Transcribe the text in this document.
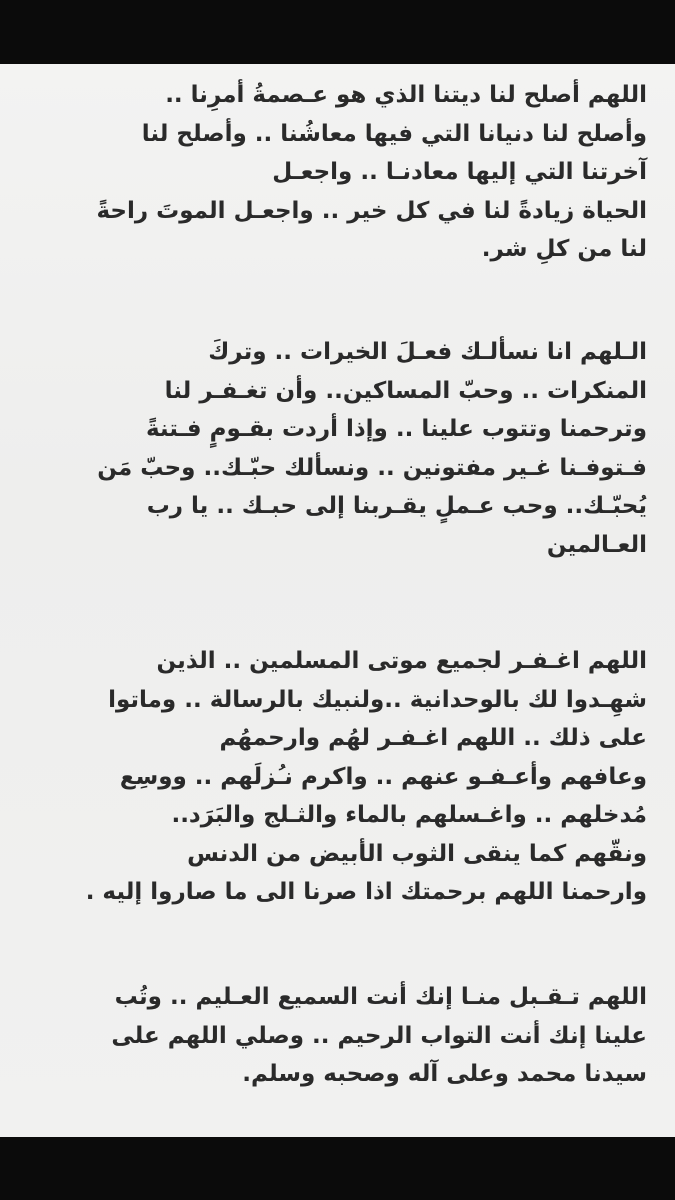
اللهم أصلح لنا ديتنا الذي هو عـصمةُ أمرِنا ..
وأصلح لنا دنيانا التي فيها معاشُنا .. وأصلح لنا
آخرتنا التي إليها معادنـا .. واجعـل
الحياة زيادةً لنا في كل خير .. واجعـل الموتَ راحةً
لنا من كلِ شر.
الـلهم انا نسألـك فعـلَ الخيرات .. وتركَ
المنكرات .. وحبّ المساكين.. وأن تغـفـر لنا
وترحمنا وتتوب علينا .. وإذا أردت بقـومٍ فـتنةً
فـتوفـنا غـير مفتونين .. ونسألك حبّـك.. وحبّ مَن
يُحبّـك.. وحب عـملٍ يقـربنا إلى حبـك .. يا رب
العـالمين
اللهم اغـفـر لجميع موتى المسلمين .. الذين
شهِـدوا لك بالوحدانية ..ولنبيك بالرسالة .. وماتوا
على ذلك .. اللهم اغـفـر لهُم وارحمهُم
وعافهم وأعـفـو عنهم .. واكرم نـُزلَهم .. ووسِع
مُدخلهم .. واغـسلهم بالماء والثـلج والبَرَد..
ونقّهم كما ينقى الثوب الأبيض من الدنس
وارحمنا اللهم برحمتك اذا صرنا الى ما صاروا إليه .
اللهم تـقـبل منـا إنك أنت السميع العـليم .. وتُب
علينا إنك أنت التواب الرحيم .. وصلي اللهم على
سيدنا محمد وعلى آله وصحبه وسلم.
